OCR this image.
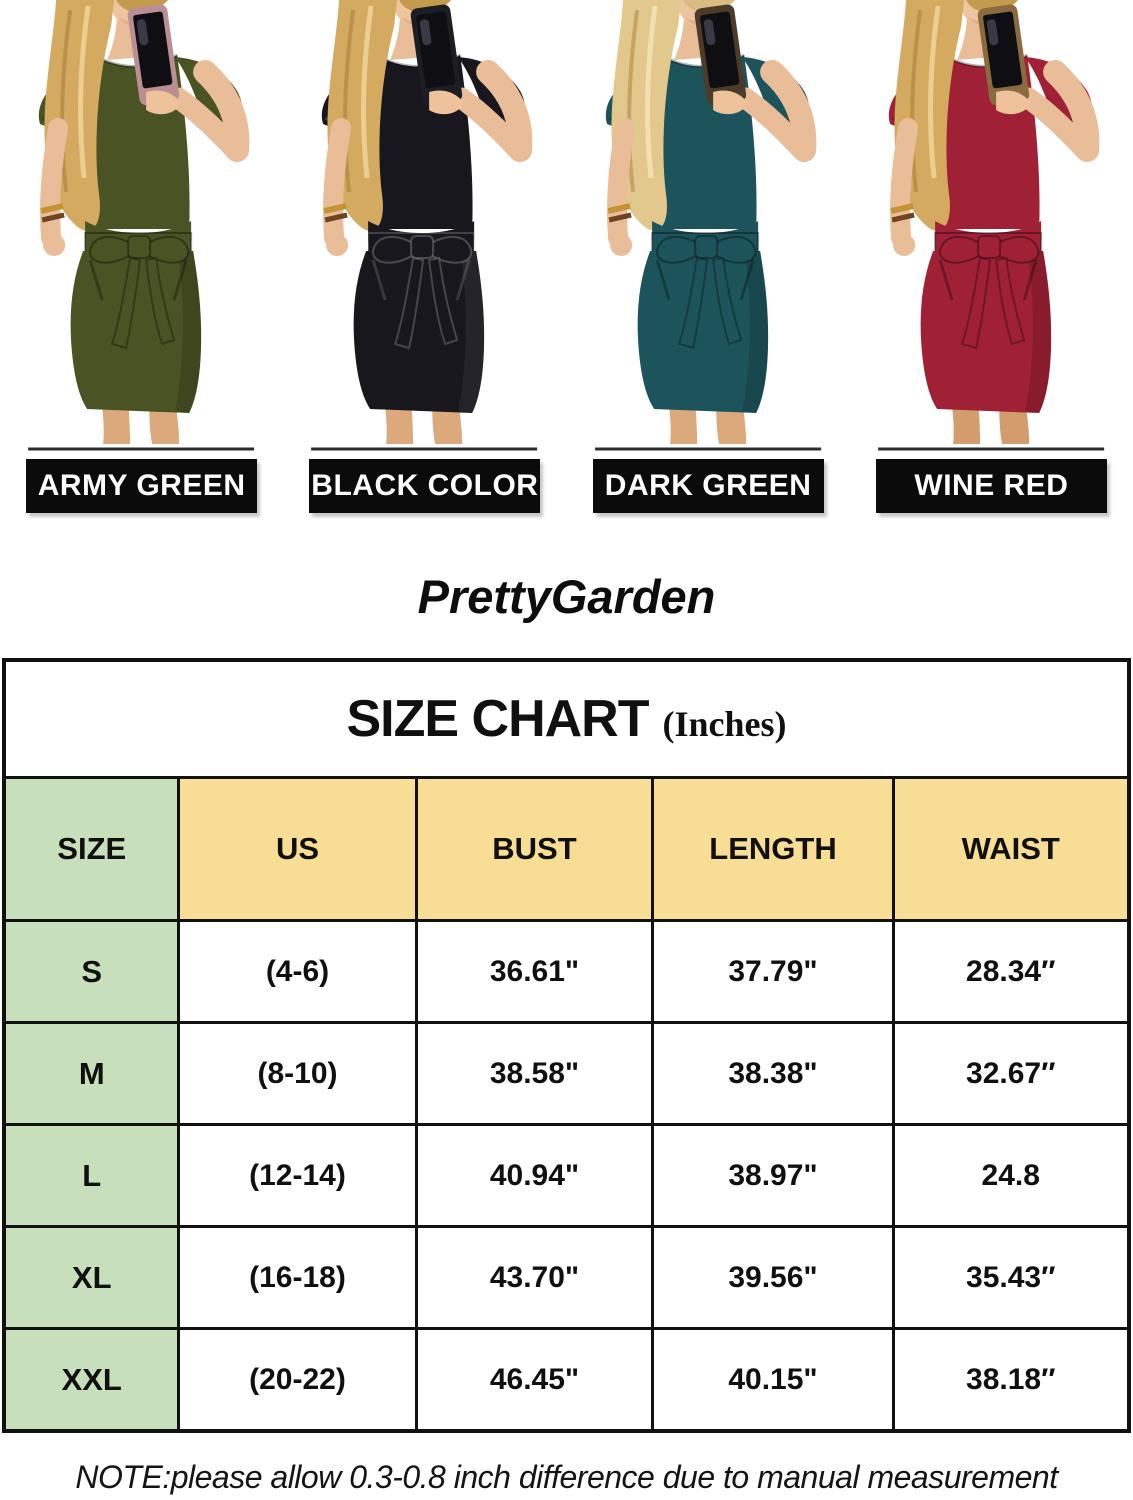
ARMY GREEN	BLACK COLOR	DARK GREEN	WINE RED
PrettyGarden
SIZE CHART (Inches)				
SIZE	US	BUST	LENGTH	WAIST
S	(4-6)	36.61"	37.79"	28.34″
M	(8-10)	38.58"	38.38"	32.67″
L	(12-14)	40.94"	38.97"	24.8
XL	(16-18)	43.70"	39.56"	35.43″
XXL	(20-22)	46.45"	40.15"	38.18″
NOTE:please allow 0.3-0.8 inch difference due to manual measurement
